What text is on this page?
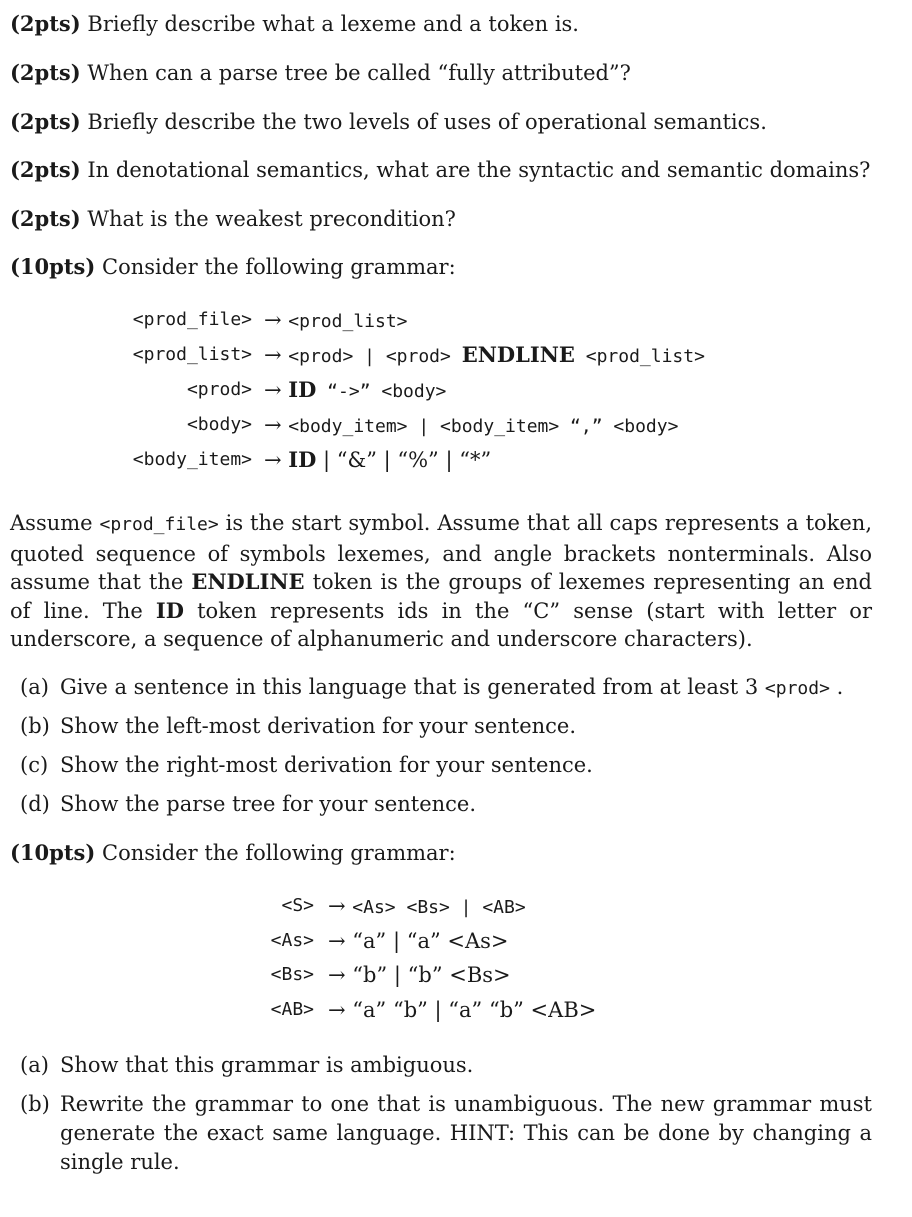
(2pts) Briefly describe what a lexeme and a token is.
(2pts) When can a parse tree be called “fully attributed”?
(2pts) Briefly describe the two levels of uses of operational semantics.
(2pts) In denotational semantics, what are the syntactic and semantic domains?
(2pts) What is the weakest precondition?
(10pts) Consider the following grammar:
<prod_file> → <prod_list>
<prod_list> → <prod> | <prod> ENDLINE <prod_list>
<prod> → ID “->” <body>
<body> → <body_item> | <body_item> “,” <body>
<body_item> → ID | “&” | “%” | “*”
Assume <prod_file> is the start symbol. Assume that all caps represents a token, quoted sequence of symbols lexemes, and angle brackets nonterminals. Also assume that the ENDLINE token is the groups of lexemes representing an end of line. The ID token represents ids in the “C” sense (start with letter or underscore, a sequence of alphanumeric and underscore characters).
(a) Give a sentence in this language that is generated from at least 3 <prod> .
(b) Show the left-most derivation for your sentence.
(c) Show the right-most derivation for your sentence.
(d) Show the parse tree for your sentence.
(10pts) Consider the following grammar:
<S> → <As> <Bs> | <AB>
<As> → “a” | “a” <As>
<Bs> → “b” | “b” <Bs>
<AB> → “a” “b” | “a” “b” <AB>
(a) Show that this grammar is ambiguous.
(b) Rewrite the grammar to one that is unambiguous. The new grammar must generate the exact same language. HINT: This can be done by changing a single rule.
